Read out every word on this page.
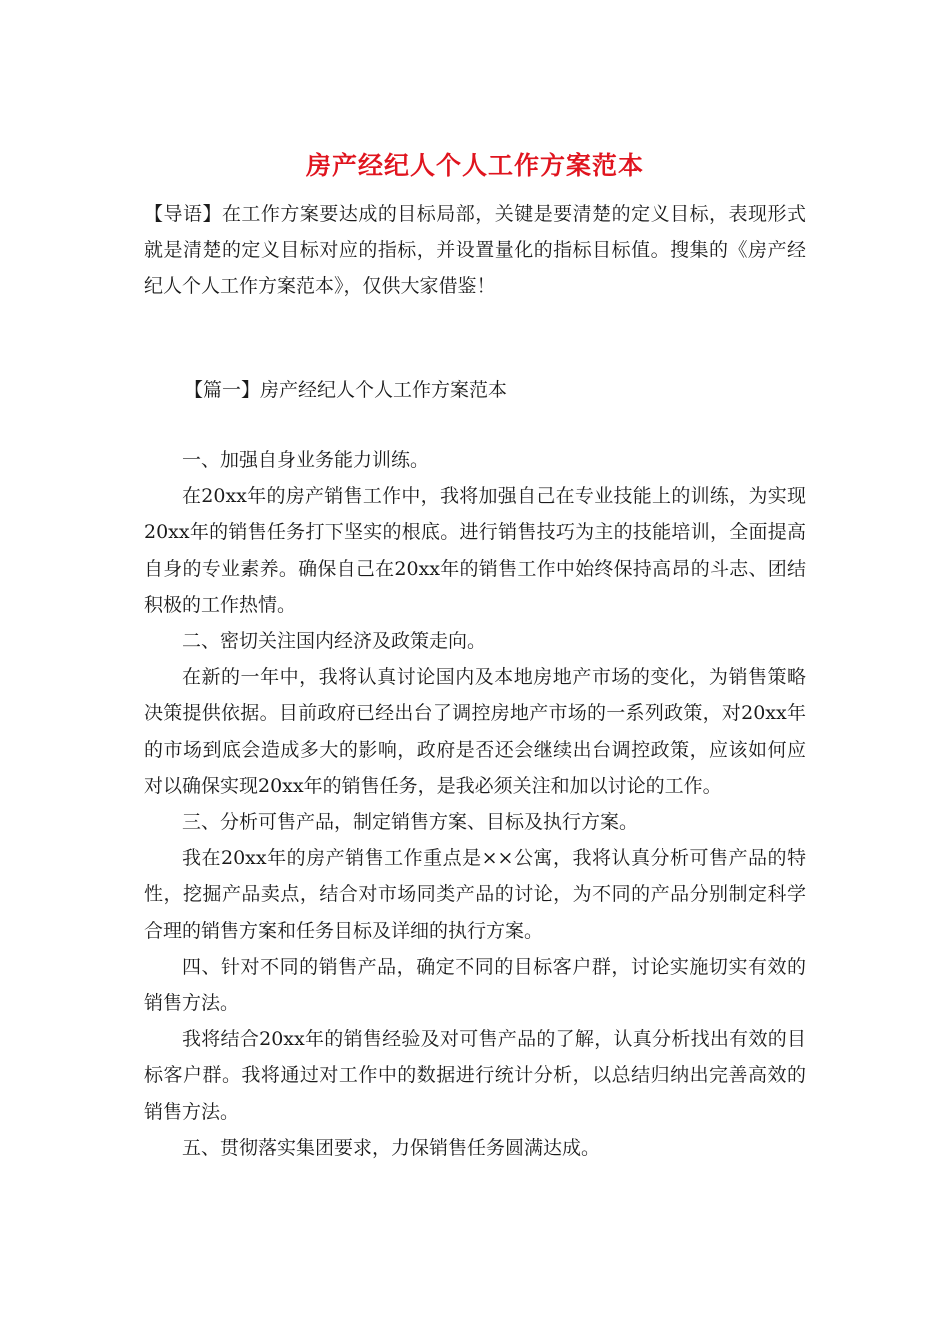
房产经纪人个人工作方案范本
【导语】在工作方案要达成的目标局部，关键是要清楚的定义目标，表现形式就是清楚的定义目标对应的指标，并设置量化的指标目标值。搜集的《房产经纪人个人工作方案范本》，仅供大家借鉴！
【篇一】房产经纪人个人工作方案范本

一、加强自身业务能力训练。

在20xx年的房产销售工作中，我将加强自己在专业技能上的训练，为实现20xx年的销售任务打下坚实的根底。进行销售技巧为主的技能培训，全面提高自身的专业素养。确保自己在20xx年的销售工作中始终保持高昂的斗志、团结积极的工作热情。

二、密切关注国内经济及政策走向。

在新的一年中，我将认真讨论国内及本地房地产市场的变化，为销售策略决策提供依据。目前政府已经出台了调控房地产市场的一系列政策，对20xx年的市场到底会造成多大的影响，政府是否还会继续出台调控政策，应该如何应对以确保实现20xx年的销售任务，是我必须关注和加以讨论的工作。

三、分析可售产品，制定销售方案、目标及执行方案。

我在20xx年的房产销售工作重点是××公寓，我将认真分析可售产品的特性，挖掘产品卖点，结合对市场同类产品的讨论，为不同的产品分别制定科学合理的销售方案和任务目标及详细的执行方案。

四、针对不同的销售产品，确定不同的目标客户群，讨论实施切实有效的销售方法。

我将结合20xx年的销售经验及对可售产品的了解，认真分析找出有效的目标客户群。我将通过对工作中的数据进行统计分析，以总结归纳出完善高效的销售方法。

五、贯彻落实集团要求，力保销售任务圆满达成。
